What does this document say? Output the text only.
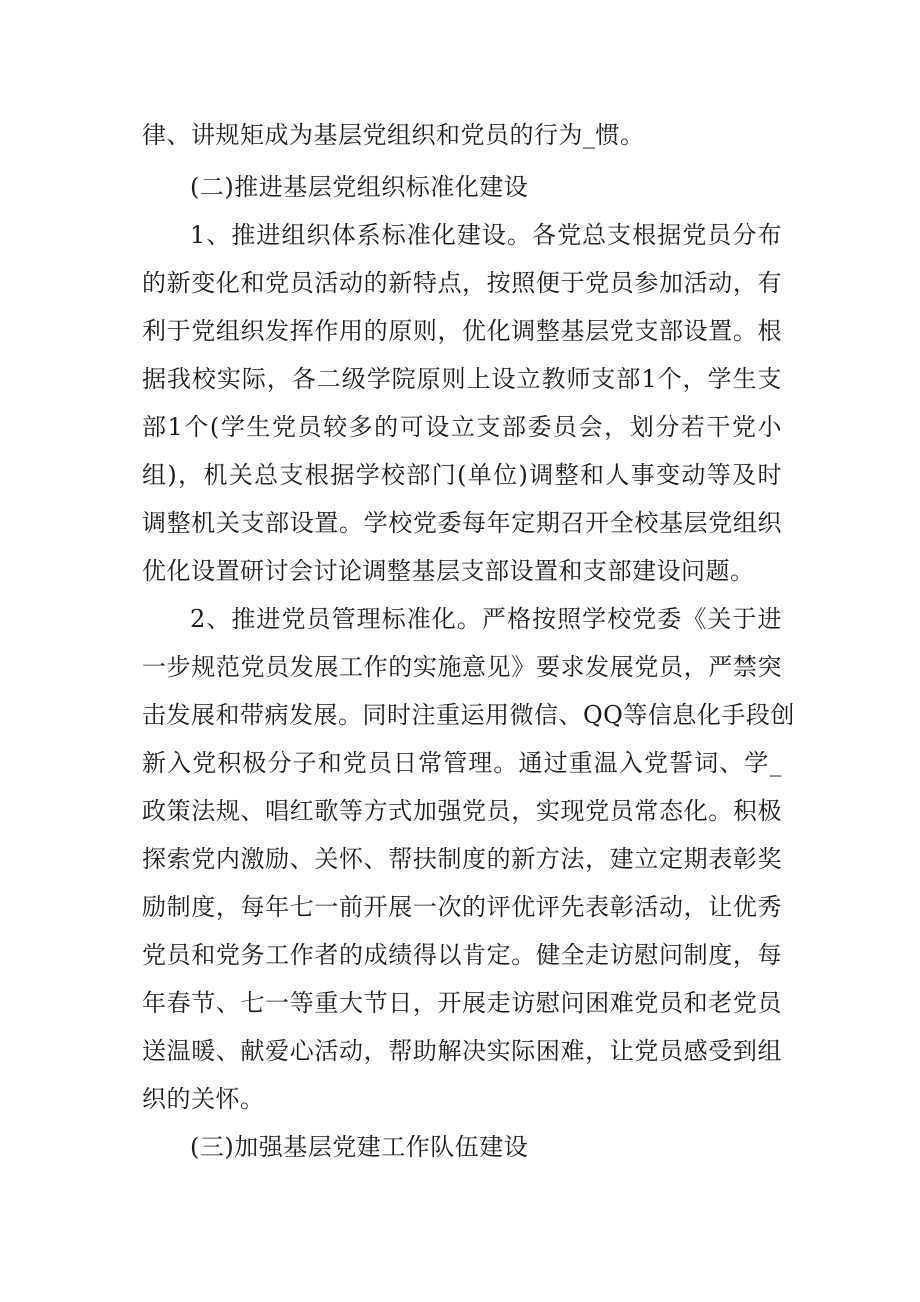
律、讲规矩成为基层党组织和党员的行为_惯。
(二)推进基层党组织标准化建设
1、推进组织体系标准化建设。各党总支根据党员分布
的新变化和党员活动的新特点，按照便于党员参加活动，有
利于党组织发挥作用的原则，优化调整基层党支部设置。根
据我校实际，各二级学院原则上设立教师支部1个，学生支
部1个(学生党员较多的可设立支部委员会，划分若干党小
组)，机关总支根据学校部门(单位)调整和人事变动等及时
调整机关支部设置。学校党委每年定期召开全校基层党组织
优化设置研讨会讨论调整基层支部设置和支部建设问题。
2、推进党员管理标准化。严格按照学校党委《关于进
一步规范党员发展工作的实施意见》要求发展党员，严禁突
击发展和带病发展。同时注重运用微信、QQ等信息化手段创
新入党积极分子和党员日常管理。通过重温入党誓词、学_
政策法规、唱红歌等方式加强党员，实现党员常态化。积极
探索党内激励、关怀、帮扶制度的新方法，建立定期表彰奖
励制度，每年七一前开展一次的评优评先表彰活动，让优秀
党员和党务工作者的成绩得以肯定。健全走访慰问制度，每
年春节、七一等重大节日，开展走访慰问困难党员和老党员
送温暖、献爱心活动，帮助解决实际困难，让党员感受到组
织的关怀。
(三)加强基层党建工作队伍建设
